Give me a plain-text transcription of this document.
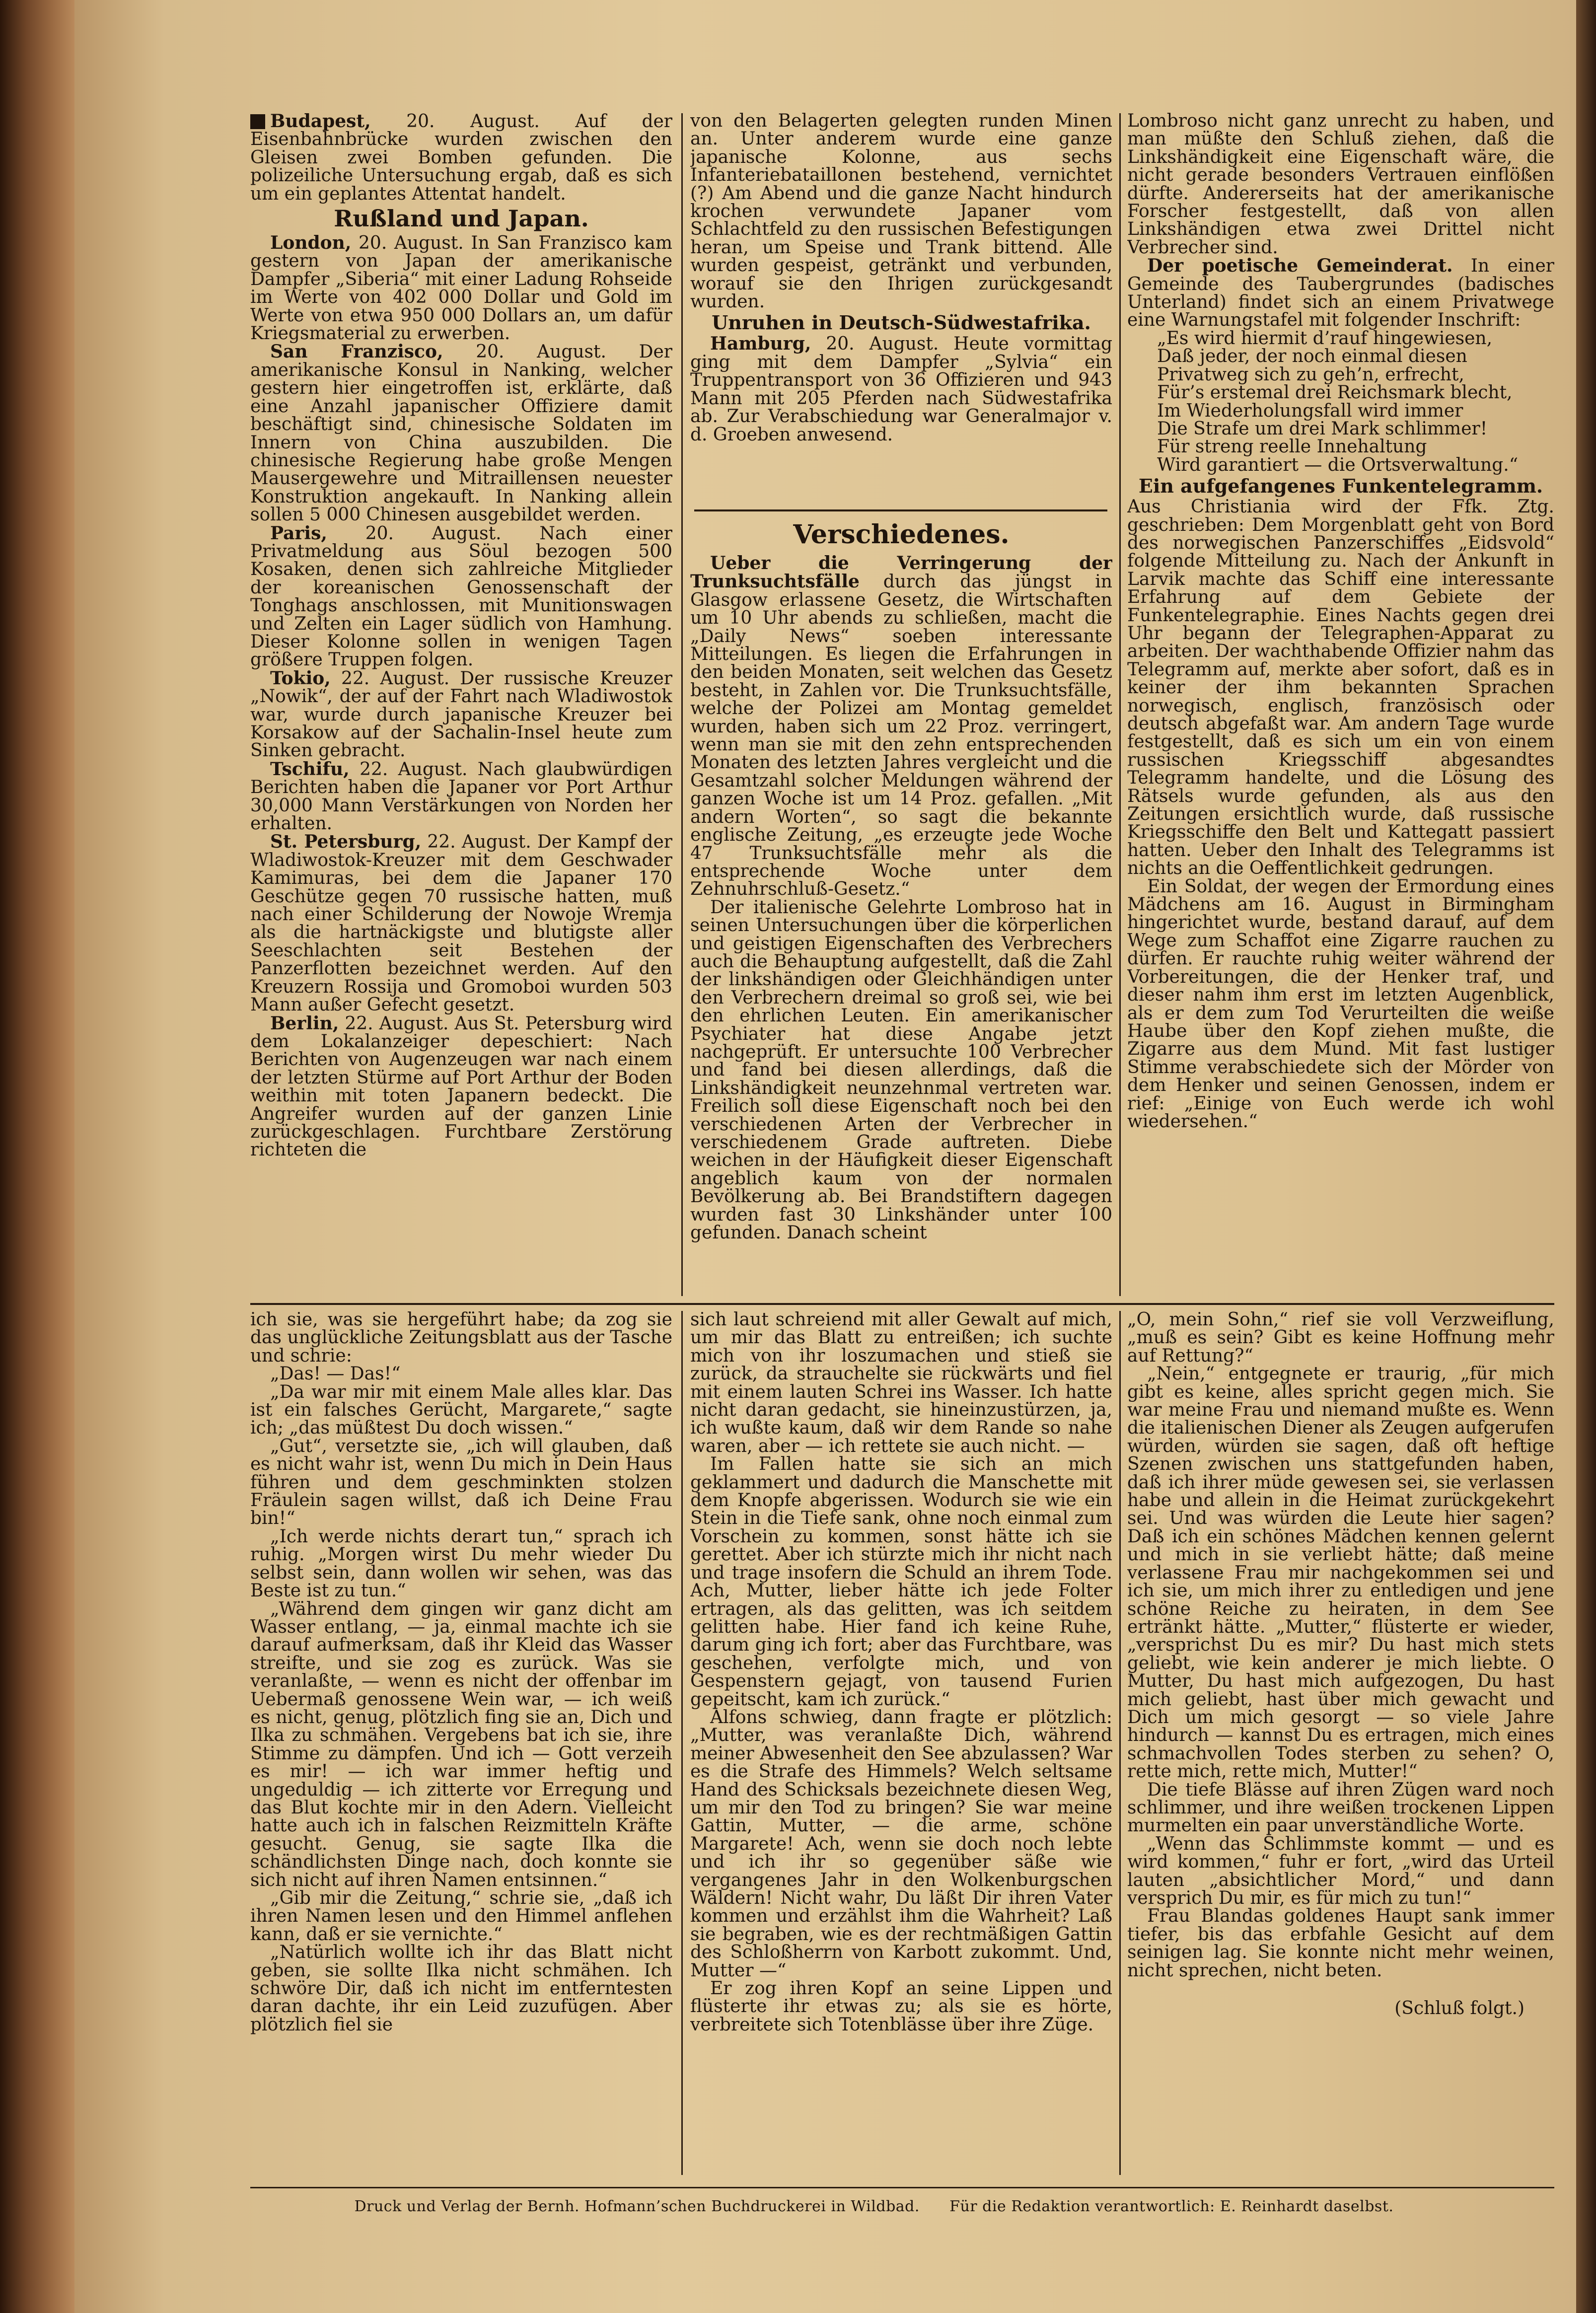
Budapest, 20. August. Auf der Eisenbahnbrücke wurden zwischen den Gleisen zwei Bomben gefunden. Die polizeiliche Untersuchung ergab, daß es sich um ein geplantes Attentat handelt.

Rußland und Japan.

London, 20. August. In San Franzisco kam gestern von Japan der amerikanische Dampfer „Siberia“ mit einer Ladung Rohseide im Werte von 402 000 Dollar und Gold im Werte von etwa 950 000 Dollars an, um dafür Kriegsmaterial zu erwerben.

San Franzisco, 20. August. Der amerikanische Konsul in Nanking, welcher gestern hier eingetroffen ist, erklärte, daß eine Anzahl japanischer Offiziere damit beschäftigt sind, chinesische Soldaten im Innern von China auszubilden. Die chinesische Regierung habe große Mengen Mausergewehre und Mitraillensen neuester Konstruktion angekauft. In Nanking allein sollen 5 000 Chinesen ausgebildet werden.

Paris, 20. August. Nach einer Privatmeldung aus Söul bezogen 500 Kosaken, denen sich zahlreiche Mitglieder der koreanischen Genossenschaft der Tonghags anschlossen, mit Munitionswagen und Zelten ein Lager südlich von Hamhung. Dieser Kolonne sollen in wenigen Tagen größere Truppen folgen.

Tokio, 22. August. Der russische Kreuzer „Nowik“, der auf der Fahrt nach Wladiwostok war, wurde durch japanische Kreuzer bei Korsakow auf der Sachalin-Insel heute zum Sinken gebracht.

Tschifu, 22. August. Nach glaubwürdigen Berichten haben die Japaner vor Port Arthur 30,000 Mann Verstärkungen von Norden her erhalten.

St. Petersburg, 22. August. Der Kampf der Wladiwostok-Kreuzer mit dem Geschwader Kamimuras, bei dem die Japaner 170 Geschütze gegen 70 russische hatten, muß nach einer Schilderung der Nowoje Wremja als die hartnäckigste und blutigste aller Seeschlachten seit Bestehen der Panzerflotten bezeichnet werden. Auf den Kreuzern Rossija und Gromoboi wurden 503 Mann außer Gefecht gesetzt.

Berlin, 22. August. Aus St. Petersburg wird dem Lokalanzeiger depeschiert: Nach Berichten von Augenzeugen war nach einem der letzten Stürme auf Port Arthur der Boden weithin mit toten Japanern bedeckt. Die Angreifer wurden auf der ganzen Linie zurückgeschlagen. Furchtbare Zerstörung richteten die

von den Belagerten gelegten runden Minen an. Unter anderem wurde eine ganze japanische Kolonne, aus sechs Infanteriebataillonen bestehend, vernichtet (?) Am Abend und die ganze Nacht hindurch krochen verwundete Japaner vom Schlachtfeld zu den russischen Befestigungen heran, um Speise und Trank bittend. Alle wurden gespeist, getränkt und verbunden, worauf sie den Ihrigen zurückgesandt wurden.

Unruhen in Deutsch-Südwestafrika.

Hamburg, 20. August. Heute vormittag ging mit dem Dampfer „Sylvia“ ein Truppentransport von 36 Offizieren und 943 Mann mit 205 Pferden nach Südwestafrika ab. Zur Verabschiedung war Generalmajor v. d. Groeben anwesend.

Verschiedenes.

Ueber die Verringerung der Trunksuchtsfälle durch das jüngst in Glasgow erlassene Gesetz, die Wirtschaften um 10 Uhr abends zu schließen, macht die „Daily News“ soeben interessante Mitteilungen. Es liegen die Erfahrungen in den beiden Monaten, seit welchen das Gesetz besteht, in Zahlen vor. Die Trunksuchtsfälle, welche der Polizei am Montag gemeldet wurden, haben sich um 22 Proz. verringert, wenn man sie mit den zehn entsprechenden Monaten des letzten Jahres vergleicht und die Gesamtzahl solcher Meldungen während der ganzen Woche ist um 14 Proz. gefallen. „Mit andern Worten“, so sagt die bekannte englische Zeitung, „es erzeugte jede Woche 47 Trunksuchtsfälle mehr als die entsprechende Woche unter dem Zehnuhrschluß-Gesetz.“

Der italienische Gelehrte Lombroso hat in seinen Untersuchungen über die körperlichen und geistigen Eigenschaften des Verbrechers auch die Behauptung aufgestellt, daß die Zahl der linkshändigen oder Gleichhändigen unter den Verbrechern dreimal so groß sei, wie bei den ehrlichen Leuten. Ein amerikanischer Psychiater hat diese Angabe jetzt nachgeprüft. Er untersuchte 100 Verbrecher und fand bei diesen allerdings, daß die Linkshändigkeit neunzehnmal vertreten war. Freilich soll diese Eigenschaft noch bei den verschiedenen Arten der Verbrecher in verschiedenem Grade auftreten. Diebe weichen in der Häufigkeit dieser Eigenschaft angeblich kaum von der normalen Bevölkerung ab. Bei Brandstiftern dagegen wurden fast 30 Linkshänder unter 100 gefunden. Danach scheint

Lombroso nicht ganz unrecht zu haben, und man müßte den Schluß ziehen, daß die Linkshändigkeit eine Eigenschaft wäre, die nicht gerade besonders Vertrauen einflößen dürfte. Andererseits hat der amerikanische Forscher festgestellt, daß von allen Linkshändigen etwa zwei Drittel nicht Verbrecher sind.

Der poetische Gemeinderat. In einer Gemeinde des Taubergrundes (badisches Unterland) findet sich an einem Privatwege eine Warnungstafel mit folgender Inschrift:

„Es wird hiermit d’rauf hingewiesen,

Daß jeder, der noch einmal diesen

Privatweg sich zu geh’n, erfrecht,

Für’s erstemal drei Reichsmark blecht,

Im Wiederholungsfall wird immer

Die Strafe um drei Mark schlimmer!

Für streng reelle Innehaltung

Wird garantiert — die Ortsverwaltung.“

Ein aufgefangenes Funkentelegramm.

Aus Christiania wird der Ffk. Ztg. geschrieben: Dem Morgenblatt geht von Bord des norwegischen Panzerschiffes „Eidsvold“ folgende Mitteilung zu. Nach der Ankunft in Larvik machte das Schiff eine interessante Erfahrung auf dem Gebiete der Funkentelegraphie. Eines Nachts gegen drei Uhr begann der Telegraphen-Apparat zu arbeiten. Der wachthabende Offizier nahm das Telegramm auf, merkte aber sofort, daß es in keiner der ihm bekannten Sprachen norwegisch, englisch, französisch oder deutsch abgefaßt war. Am andern Tage wurde festgestellt, daß es sich um ein von einem russischen Kriegsschiff abgesandtes Telegramm handelte, und die Lösung des Rätsels wurde gefunden, als aus den Zeitungen ersichtlich wurde, daß russische Kriegsschiffe den Belt und Kattegatt passiert hatten. Ueber den Inhalt des Telegramms ist nichts an die Oeffentlichkeit gedrungen.

Ein Soldat, der wegen der Ermordung eines Mädchens am 16. August in Birmingham hingerichtet wurde, bestand darauf, auf dem Wege zum Schaffot eine Zigarre rauchen zu dürfen. Er rauchte ruhig weiter während der Vorbereitungen, die der Henker traf, und dieser nahm ihm erst im letzten Augenblick, als er dem zum Tod Verurteilten die weiße Haube über den Kopf ziehen mußte, die Zigarre aus dem Mund. Mit fast lustiger Stimme verabschiedete sich der Mörder von dem Henker und seinen Genossen, indem er rief: „Einige von Euch werde ich wohl wiedersehen.“

ich sie, was sie hergeführt habe; da zog sie das unglückliche Zeitungsblatt aus der Tasche und schrie:

„Das! — Das!“

„Da war mir mit einem Male alles klar. Das ist ein falsches Gerücht, Margarete,“ sagte ich; „das müßtest Du doch wissen.“

„Gut“, versetzte sie, „ich will glauben, daß es nicht wahr ist, wenn Du mich in Dein Haus führen und dem geschminkten stolzen Fräulein sagen willst, daß ich Deine Frau bin!“

„Ich werde nichts derart tun,“ sprach ich ruhig. „Morgen wirst Du mehr wieder Du selbst sein, dann wollen wir sehen, was das Beste ist zu tun.“

„Während dem gingen wir ganz dicht am Wasser entlang, — ja, einmal machte ich sie darauf aufmerksam, daß ihr Kleid das Wasser streifte, und sie zog es zurück. Was sie veranlaßte, — wenn es nicht der offenbar im Uebermaß genossene Wein war, — ich weiß es nicht, genug, plötzlich fing sie an, Dich und Ilka zu schmähen. Vergebens bat ich sie, ihre Stimme zu dämpfen. Und ich — Gott verzeih es mir! — ich war immer heftig und ungeduldig — ich zitterte vor Erregung und das Blut kochte mir in den Adern. Vielleicht hatte auch ich in falschen Reizmitteln Kräfte gesucht. Genug, sie sagte Ilka die schändlichsten Dinge nach, doch konnte sie sich nicht auf ihren Namen entsinnen.“

„Gib mir die Zeitung,“ schrie sie, „daß ich ihren Namen lesen und den Himmel anflehen kann, daß er sie vernichte.“

„Natürlich wollte ich ihr das Blatt nicht geben, sie sollte Ilka nicht schmähen. Ich schwöre Dir, daß ich nicht im entferntesten daran dachte, ihr ein Leid zuzufügen. Aber plötzlich fiel sie

sich laut schreiend mit aller Gewalt auf mich, um mir das Blatt zu entreißen; ich suchte mich von ihr loszumachen und stieß sie zurück, da strauchelte sie rückwärts und fiel mit einem lauten Schrei ins Wasser. Ich hatte nicht daran gedacht, sie hineinzustürzen, ja, ich wußte kaum, daß wir dem Rande so nahe waren, aber — ich rettete sie auch nicht. —

Im Fallen hatte sie sich an mich geklammert und dadurch die Manschette mit dem Knopfe abgerissen. Wodurch sie wie ein Stein in die Tiefe sank, ohne noch einmal zum Vorschein zu kommen, sonst hätte ich sie gerettet. Aber ich stürzte mich ihr nicht nach und trage insofern die Schuld an ihrem Tode. Ach, Mutter, lieber hätte ich jede Folter ertragen, als das gelitten, was ich seitdem gelitten habe. Hier fand ich keine Ruhe, darum ging ich fort; aber das Furchtbare, was geschehen, verfolgte mich, und von Gespenstern gejagt, von tausend Furien gepeitscht, kam ich zurück.“

Alfons schwieg, dann fragte er plötzlich: „Mutter, was veranlaßte Dich, während meiner Abwesenheit den See abzulassen? War es die Strafe des Himmels? Welch seltsame Hand des Schicksals bezeichnete diesen Weg, um mir den Tod zu bringen? Sie war meine Gattin, Mutter, — die arme, schöne Margarete! Ach, wenn sie doch noch lebte und ich ihr so gegenüber säße wie vergangenes Jahr in den Wolkenburgschen Wäldern! Nicht wahr, Du läßt Dir ihren Vater kommen und erzählst ihm die Wahrheit? Laß sie begraben, wie es der rechtmäßigen Gattin des Schloßherrn von Karbott zukommt. Und, Mutter —“

Er zog ihren Kopf an seine Lippen und flüsterte ihr etwas zu; als sie es hörte, verbreitete sich Totenblässe über ihre Züge.

„O, mein Sohn,“ rief sie voll Verzweiflung, „muß es sein? Gibt es keine Hoffnung mehr auf Rettung?“

„Nein,“ entgegnete er traurig, „für mich gibt es keine, alles spricht gegen mich. Sie war meine Frau und niemand mußte es. Wenn die italienischen Diener als Zeugen aufgerufen würden, würden sie sagen, daß oft heftige Szenen zwischen uns stattgefunden haben, daß ich ihrer müde gewesen sei, sie verlassen habe und allein in die Heimat zurückgekehrt sei. Und was würden die Leute hier sagen? Daß ich ein schönes Mädchen kennen gelernt und mich in sie verliebt hätte; daß meine verlassene Frau mir nachgekommen sei und ich sie, um mich ihrer zu entledigen und jene schöne Reiche zu heiraten, in dem See ertränkt hätte. „Mutter,“ flüsterte er wieder, „versprichst Du es mir? Du hast mich stets geliebt, wie kein anderer je mich liebte. O Mutter, Du hast mich aufgezogen, Du hast mich geliebt, hast über mich gewacht und Dich um mich gesorgt — so viele Jahre hindurch — kannst Du es ertragen, mich eines schmachvollen Todes sterben zu sehen? O, rette mich, rette mich, Mutter!“

Die tiefe Blässe auf ihren Zügen ward noch schlimmer, und ihre weißen trockenen Lippen murmelten ein paar unverständliche Worte.

„Wenn das Schlimmste kommt — und es wird kommen,“ fuhr er fort, „wird das Urteil lauten „absichtlicher Mord,“ und dann versprich Du mir, es für mich zu tun!“

Frau Blandas goldenes Haupt sank immer tiefer, bis das erbfahle Gesicht auf dem seinigen lag. Sie konnte nicht mehr weinen, nicht sprechen, nicht beten.

(Schluß folgt.)

Druck und Verlag der Bernh. Hofmann’schen Buchdruckerei in Wildbad. Für die Redaktion verantwortlich: E. Reinhardt daselbst.
